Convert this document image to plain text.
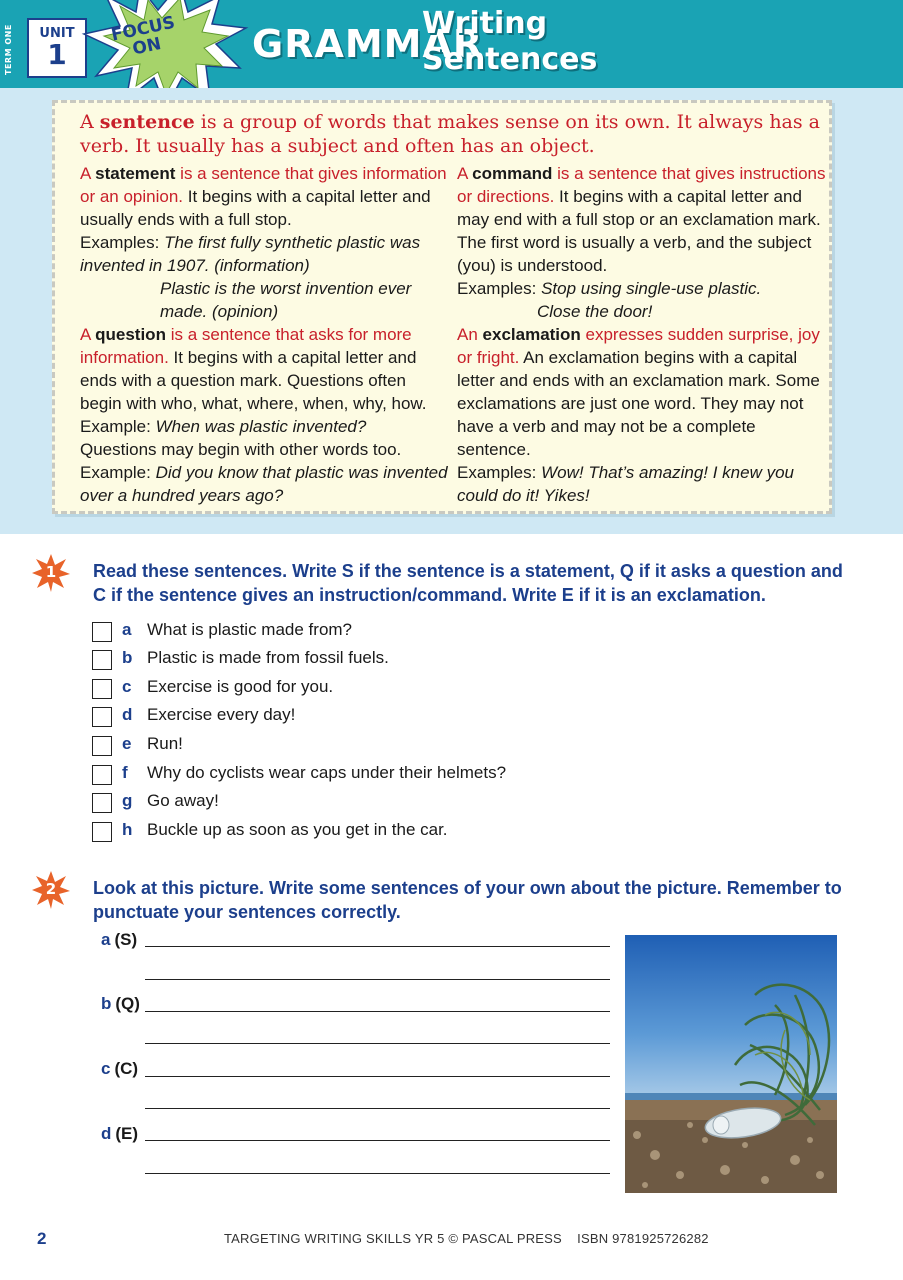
TERM ONE	UNIT
1
FOCUS ON	GRAMMAR
Writing
Sentences
A sentence is a group of words that makes sense on its own. It always has a verb. It usually has a subject and often has an object.

A statement is a sentence that gives information or an opinion. It begins with a capital letter and usually ends with a full stop.

Examples: The first fully synthetic plastic was invented in 1907. (information)

Plastic is the worst invention ever made. (opinion)

A question is a sentence that asks for more information. It begins with a capital letter and ends with a question mark. Questions often begin with who, what, where, when, why, how.

Example: When was plastic invented?

Questions may begin with other words too.

Example: Did you know that plastic was invented over a hundred years ago?

A command is a sentence that gives instructions or directions. It begins with a capital letter and may end with a full stop or an exclamation mark. The first word is usually a verb, and the subject (you) is understood.

Examples: Stop using single-use plastic.

Close the door!

An exclamation expresses sudden surprise, joy or fright. An exclamation begins with a capital letter and ends with an exclamation mark. Some exclamations are just one word. They may not have a verb and may not be a complete sentence.

Examples: Wow! That’s amazing! I knew you could do it! Yikes!

1	Read these sentences. Write S if the sentence is a statement, Q if it asks a question and C if the sentence gives an instruction/command. Write E if it is an exclamation.
a What is plastic made from?
b Plastic is made from fossil fuels.
c Exercise is good for you.
d Exercise every day!
e Run!
f Why do cyclists wear caps under their helmets?
g Go away!
h Buckle up as soon as you get in the car.
2	Look at this picture. Write some sentences of your own about the picture. Remember to punctuate your sentences correctly.
a (S)
b (Q)
c (C)
d (E)
2	TARGETING WRITING SKILLS YR 5 © PASCAL PRESS    ISBN 9781925726282
